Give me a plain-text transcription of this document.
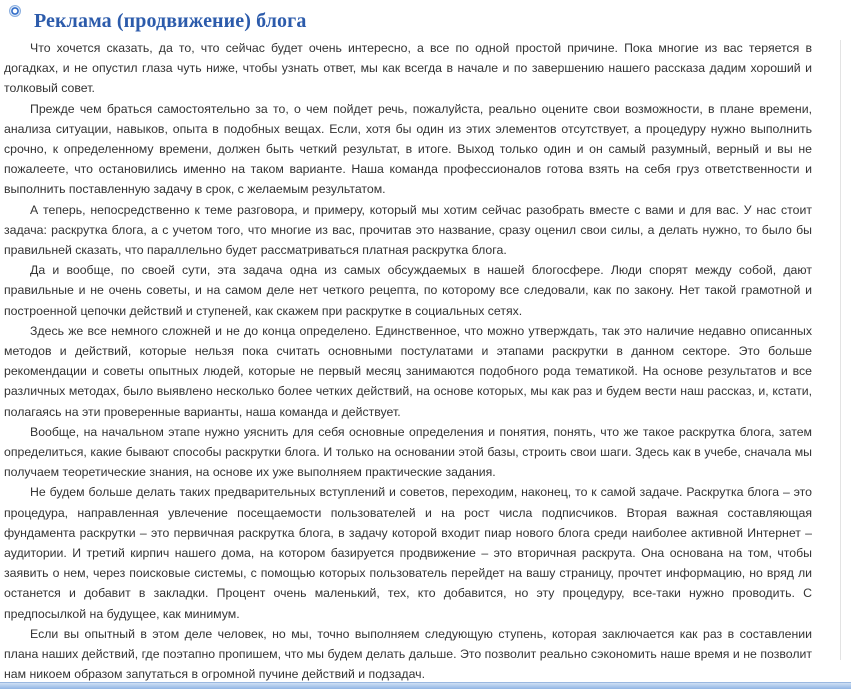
Реклама (продвижение) блога

Что хочется сказать, да то, что сейчас будет очень интересно, а все по одной простой причине. Пока многие из вас теряется в догадках, и не опустил глаза чуть ниже, чтобы узнать ответ, мы как всегда в начале и по завершению нашего рассказа дадим хороший и толковый совет.

Прежде чем браться самостоятельно за то, о чем пойдет речь, пожалуйста, реально оцените свои возможности, в плане времени, анализа ситуации, навыков, опыта в подобных вещах. Если, хотя бы один из этих элементов отсутствует, а процедуру нужно выполнить срочно, к определенному времени, должен быть четкий результат, в итоге. Выход только один и он самый разумный, верный и вы не пожалеете, что остановились именно на таком варианте. Наша команда профессионалов готова взять на себя груз ответственности и выполнить поставленную задачу в срок, с желаемым результатом.

А теперь, непосредственно к теме разговора, и примеру, который мы хотим сейчас разобрать вместе с вами и для вас. У нас стоит задача: раскрутка блога, а с учетом того, что многие из вас, прочитав это название, сразу оценил свои силы, а делать нужно, то было бы правильней сказать, что параллельно будет рассматриваться платная раскрутка блога.

Да и вообще, по своей сути, эта задача одна из самых обсуждаемых в нашей блогосфере. Люди спорят между собой, дают правильные и не очень советы, и на самом деле нет четкого рецепта, по которому все следовали, как по закону. Нет такой грамотной и построенной цепочки действий и ступеней, как скажем при раскрутке в социальных сетях.

Здесь же все немного сложней и не до конца определено. Единственное, что можно утверждать, так это наличие недавно описанных методов и действий, которые нельзя пока считать основными постулатами и этапами раскрутки в данном секторе. Это больше рекомендации и советы опытных людей, которые не первый месяц занимаются подобного рода тематикой. На основе результатов и все различных методах, было выявлено несколько более четких действий, на основе которых, мы как раз и будем вести наш рассказ, и, кстати, полагаясь на эти проверенные варианты, наша команда и действует.

Вообще, на начальном этапе нужно уяснить для себя основные определения и понятия, понять, что же такое раскрутка блога, затем определиться, какие бывают способы раскрутки блога. И только на основании этой базы, строить свои шаги. Здесь как в учебе, сначала мы получаем теоретические знания, на основе их уже выполняем практические задания.

Не будем больше делать таких предварительных вступлений и советов, переходим, наконец, то к самой задаче. Раскрутка блога – это процедура, направленная увлечение посещаемости пользователей и на рост числа подписчиков. Вторая важная составляющая фундамента раскрутки – это первичная раскрутка блога, в задачу которой входит пиар нового блога среди наиболее активной Интернет – аудитории. И третий кирпич нашего дома, на котором базируется продвижение – это вторичная раскрута. Она основана на том, чтобы заявить о нем, через поисковые системы, с помощью которых пользователь перейдет на вашу страницу, прочтет информацию, но вряд ли останется и добавит в закладки. Процент очень маленький, тех, кто добавится, но эту процедуру, все-таки нужно проводить. С предпосылкой на будущее, как минимум.

Если вы опытный в этом деле человек, но мы, точно выполняем следующую ступень, которая заключается как раз в составлении плана наших действий, где поэтапно пропишем, что мы будем делать дальше. Это позволит реально сэкономить наше время и не позволит нам никоем образом запутаться в огромной пучине действий и подзадач.
